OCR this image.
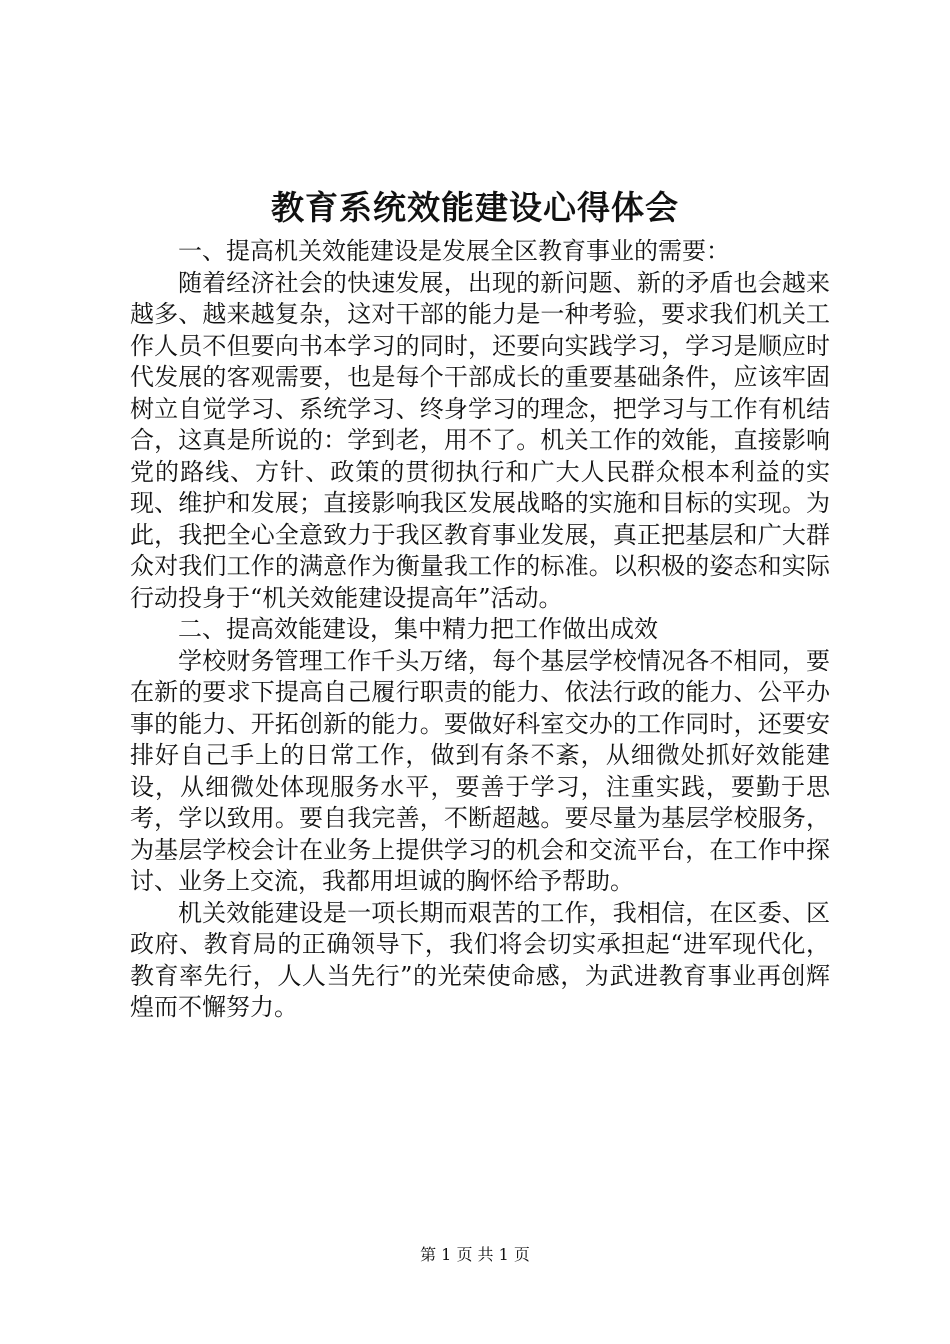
教育系统效能建设心得体会

一、提高机关效能建设是发展全区教育事业的需要：

随着经济社会的快速发展，出现的新问题、新的矛盾也会越来越多、越来越复杂，这对干部的能力是一种考验，要求我们机关工作人员不但要向书本学习的同时，还要向实践学习，学习是顺应时代发展的客观需要，也是每个干部成长的重要基础条件，应该牢固树立自觉学习、系统学习、终身学习的理念，把学习与工作有机结合，这真是所说的：学到老，用不了。机关工作的效能，直接影响党的路线、方针、政策的贯彻执行和广大人民群众根本利益的实现、维护和发展；直接影响我区发展战略的实施和目标的实现。为此，我把全心全意致力于我区教育事业发展，真正把基层和广大群众对我们工作的满意作为衡量我工作的标准。以积极的姿态和实际行动投身于“机关效能建设提高年”活动。

二、提高效能建设，集中精力把工作做出成效

学校财务管理工作千头万绪，每个基层学校情况各不相同，要在新的要求下提高自己履行职责的能力、依法行政的能力、公平办事的能力、开拓创新的能力。要做好科室交办的工作同时，还要安排好自己手上的日常工作，做到有条不紊，从细微处抓好效能建设，从细微处体现服务水平，要善于学习，注重实践，要勤于思考，学以致用。要自我完善，不断超越。要尽量为基层学校服务，为基层学校会计在业务上提供学习的机会和交流平台，在工作中探讨、业务上交流，我都用坦诚的胸怀给予帮助。

机关效能建设是一项长期而艰苦的工作，我相信，在区委、区政府、教育局的正确领导下，我们将会切实承担起“进军现代化，教育率先行，人人当先行”的光荣使命感，为武进教育事业再创辉煌而不懈努力。

第 1 页 共 1 页
